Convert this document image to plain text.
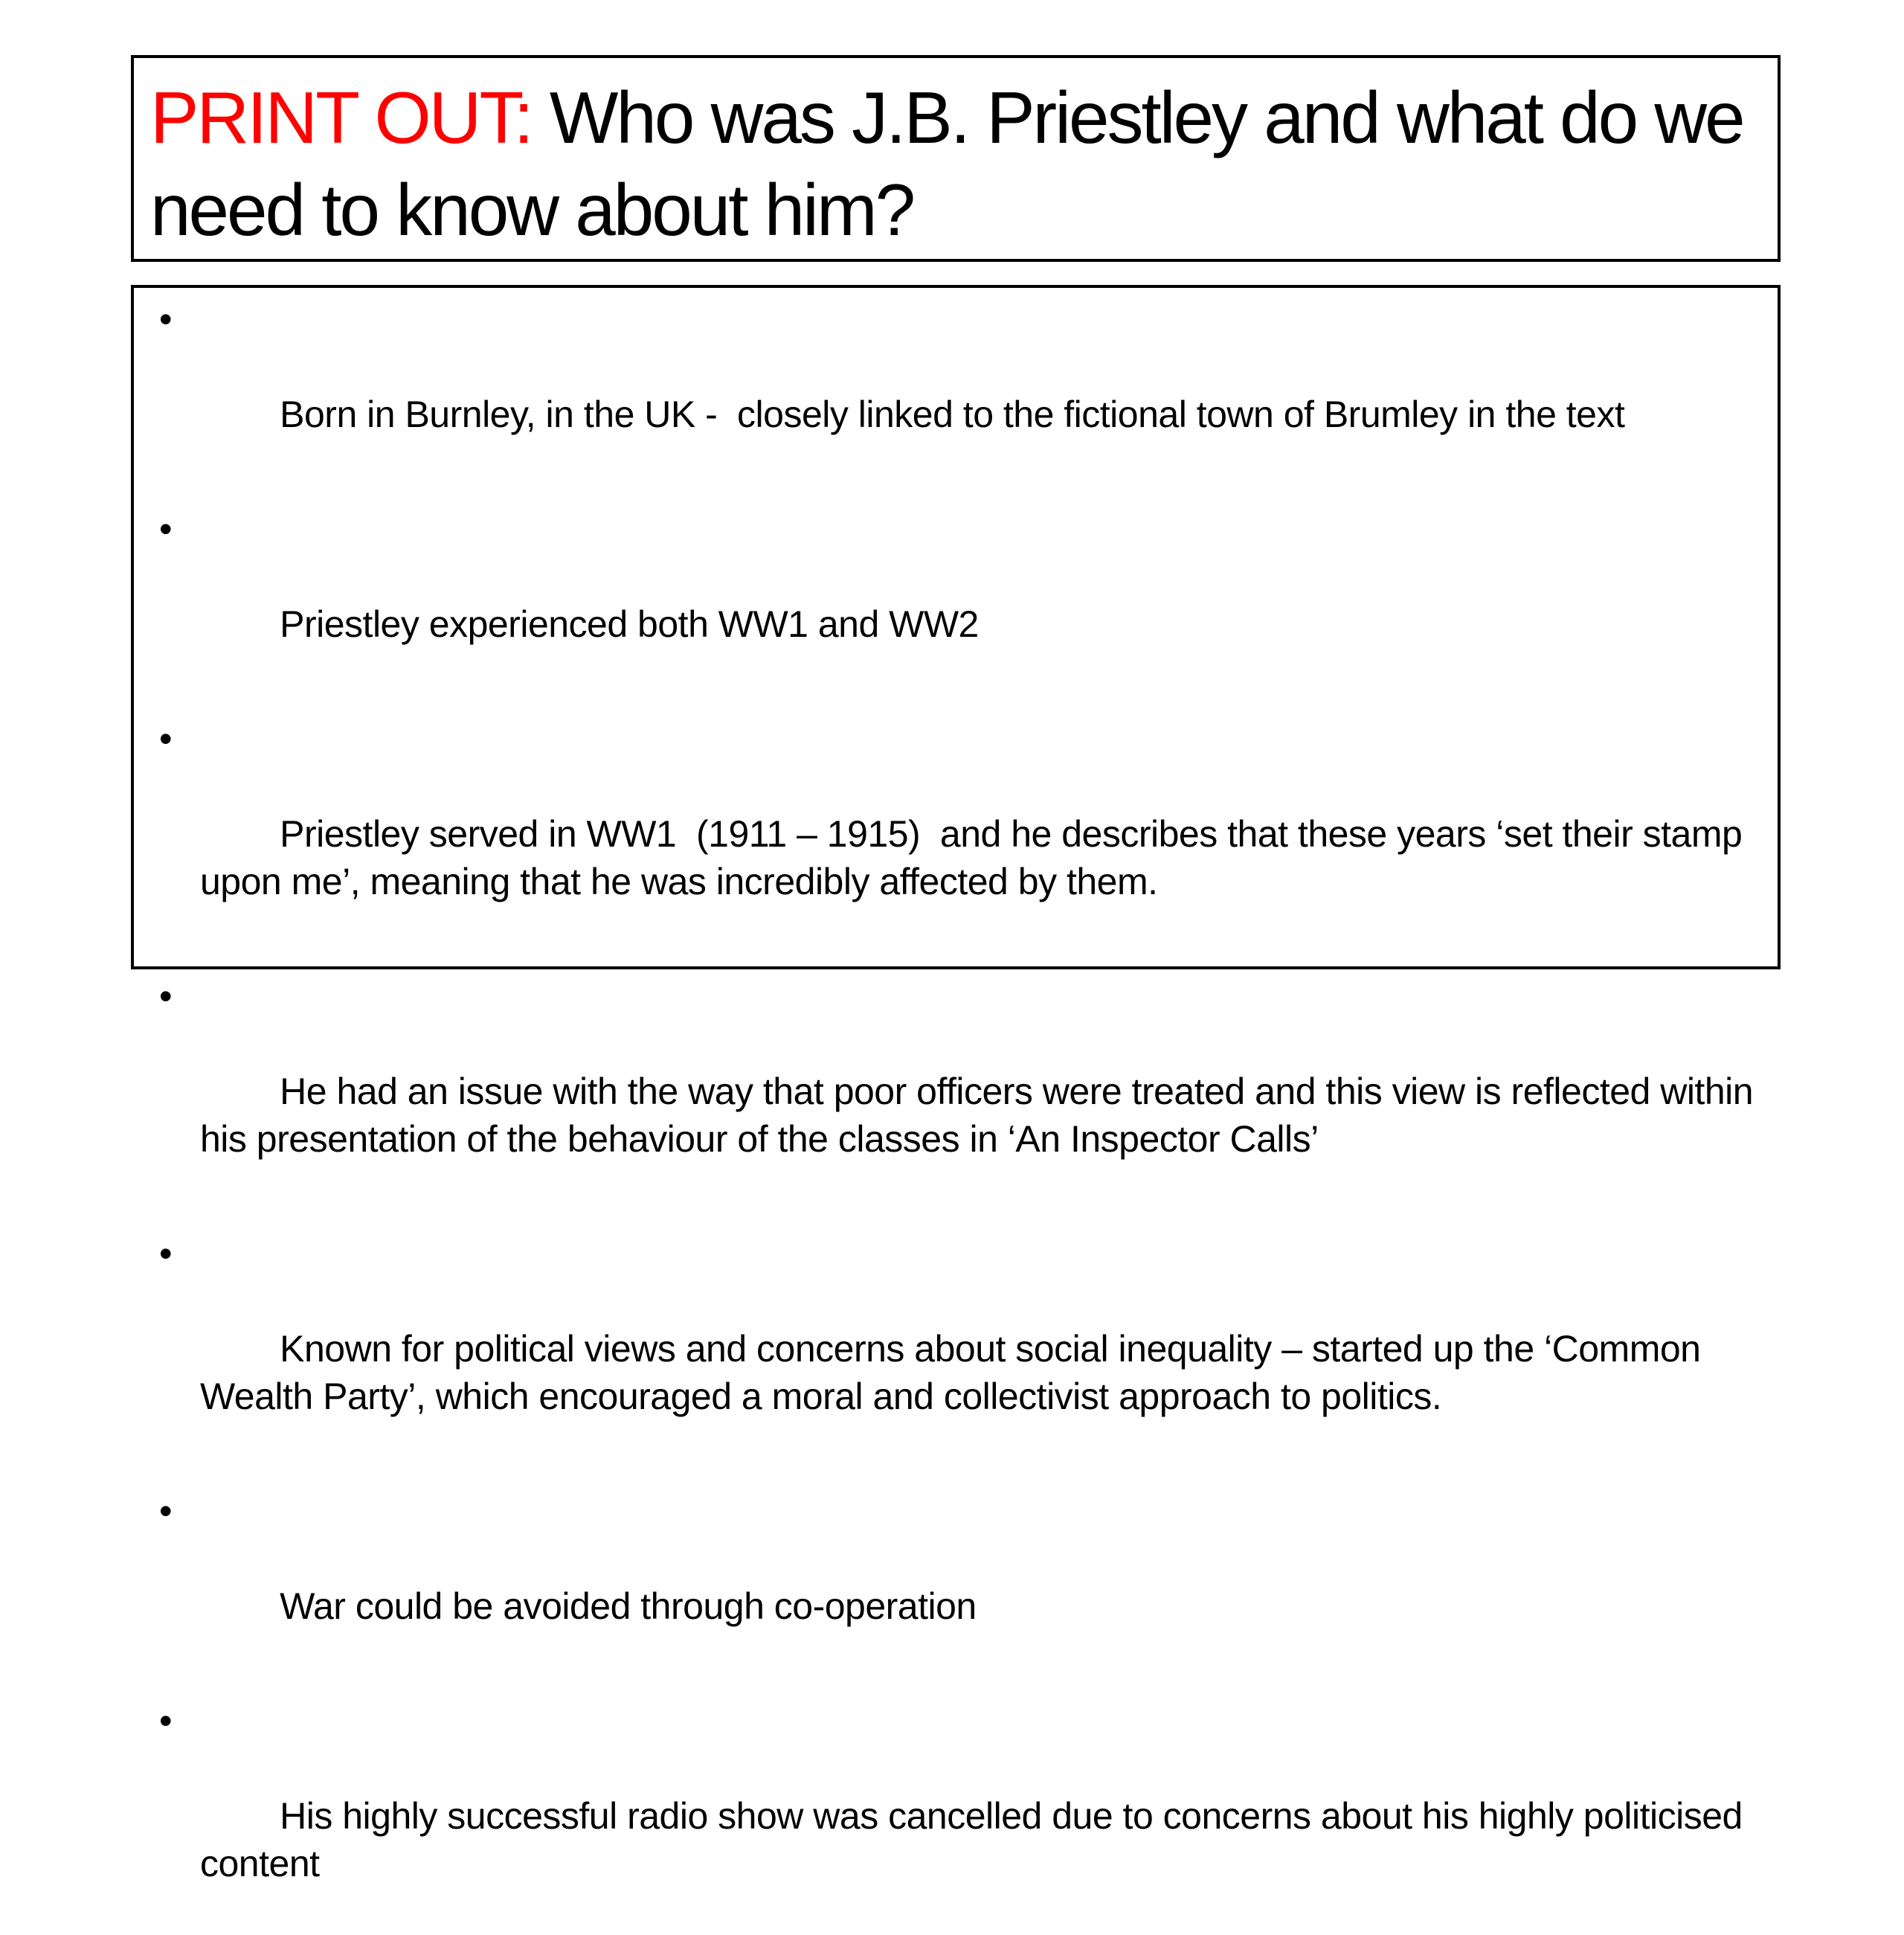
PRINT OUT: Who was J.B. Priestley and what do we need to know about him?

•

Born in Burnley, in the UK -  closely linked to the fictional town of Brumley in the text

•

Priestley experienced both WW1 and WW2

•

Priestley served in WW1  (1911 – 1915)  and he describes that these years ‘set their stamp upon me’, meaning that he was incredibly affected by them.

•

He had an issue with the way that poor officers were treated and this view is reflected within his presentation of the behaviour of the classes in ‘An Inspector Calls’

•

Known for political views and concerns about social inequality – started up the ‘Common Wealth Party’, which encouraged a moral and collectivist approach to politics.

•

War could be avoided through co-operation

•

His highly successful radio show was cancelled due to concerns about his highly politicised content
